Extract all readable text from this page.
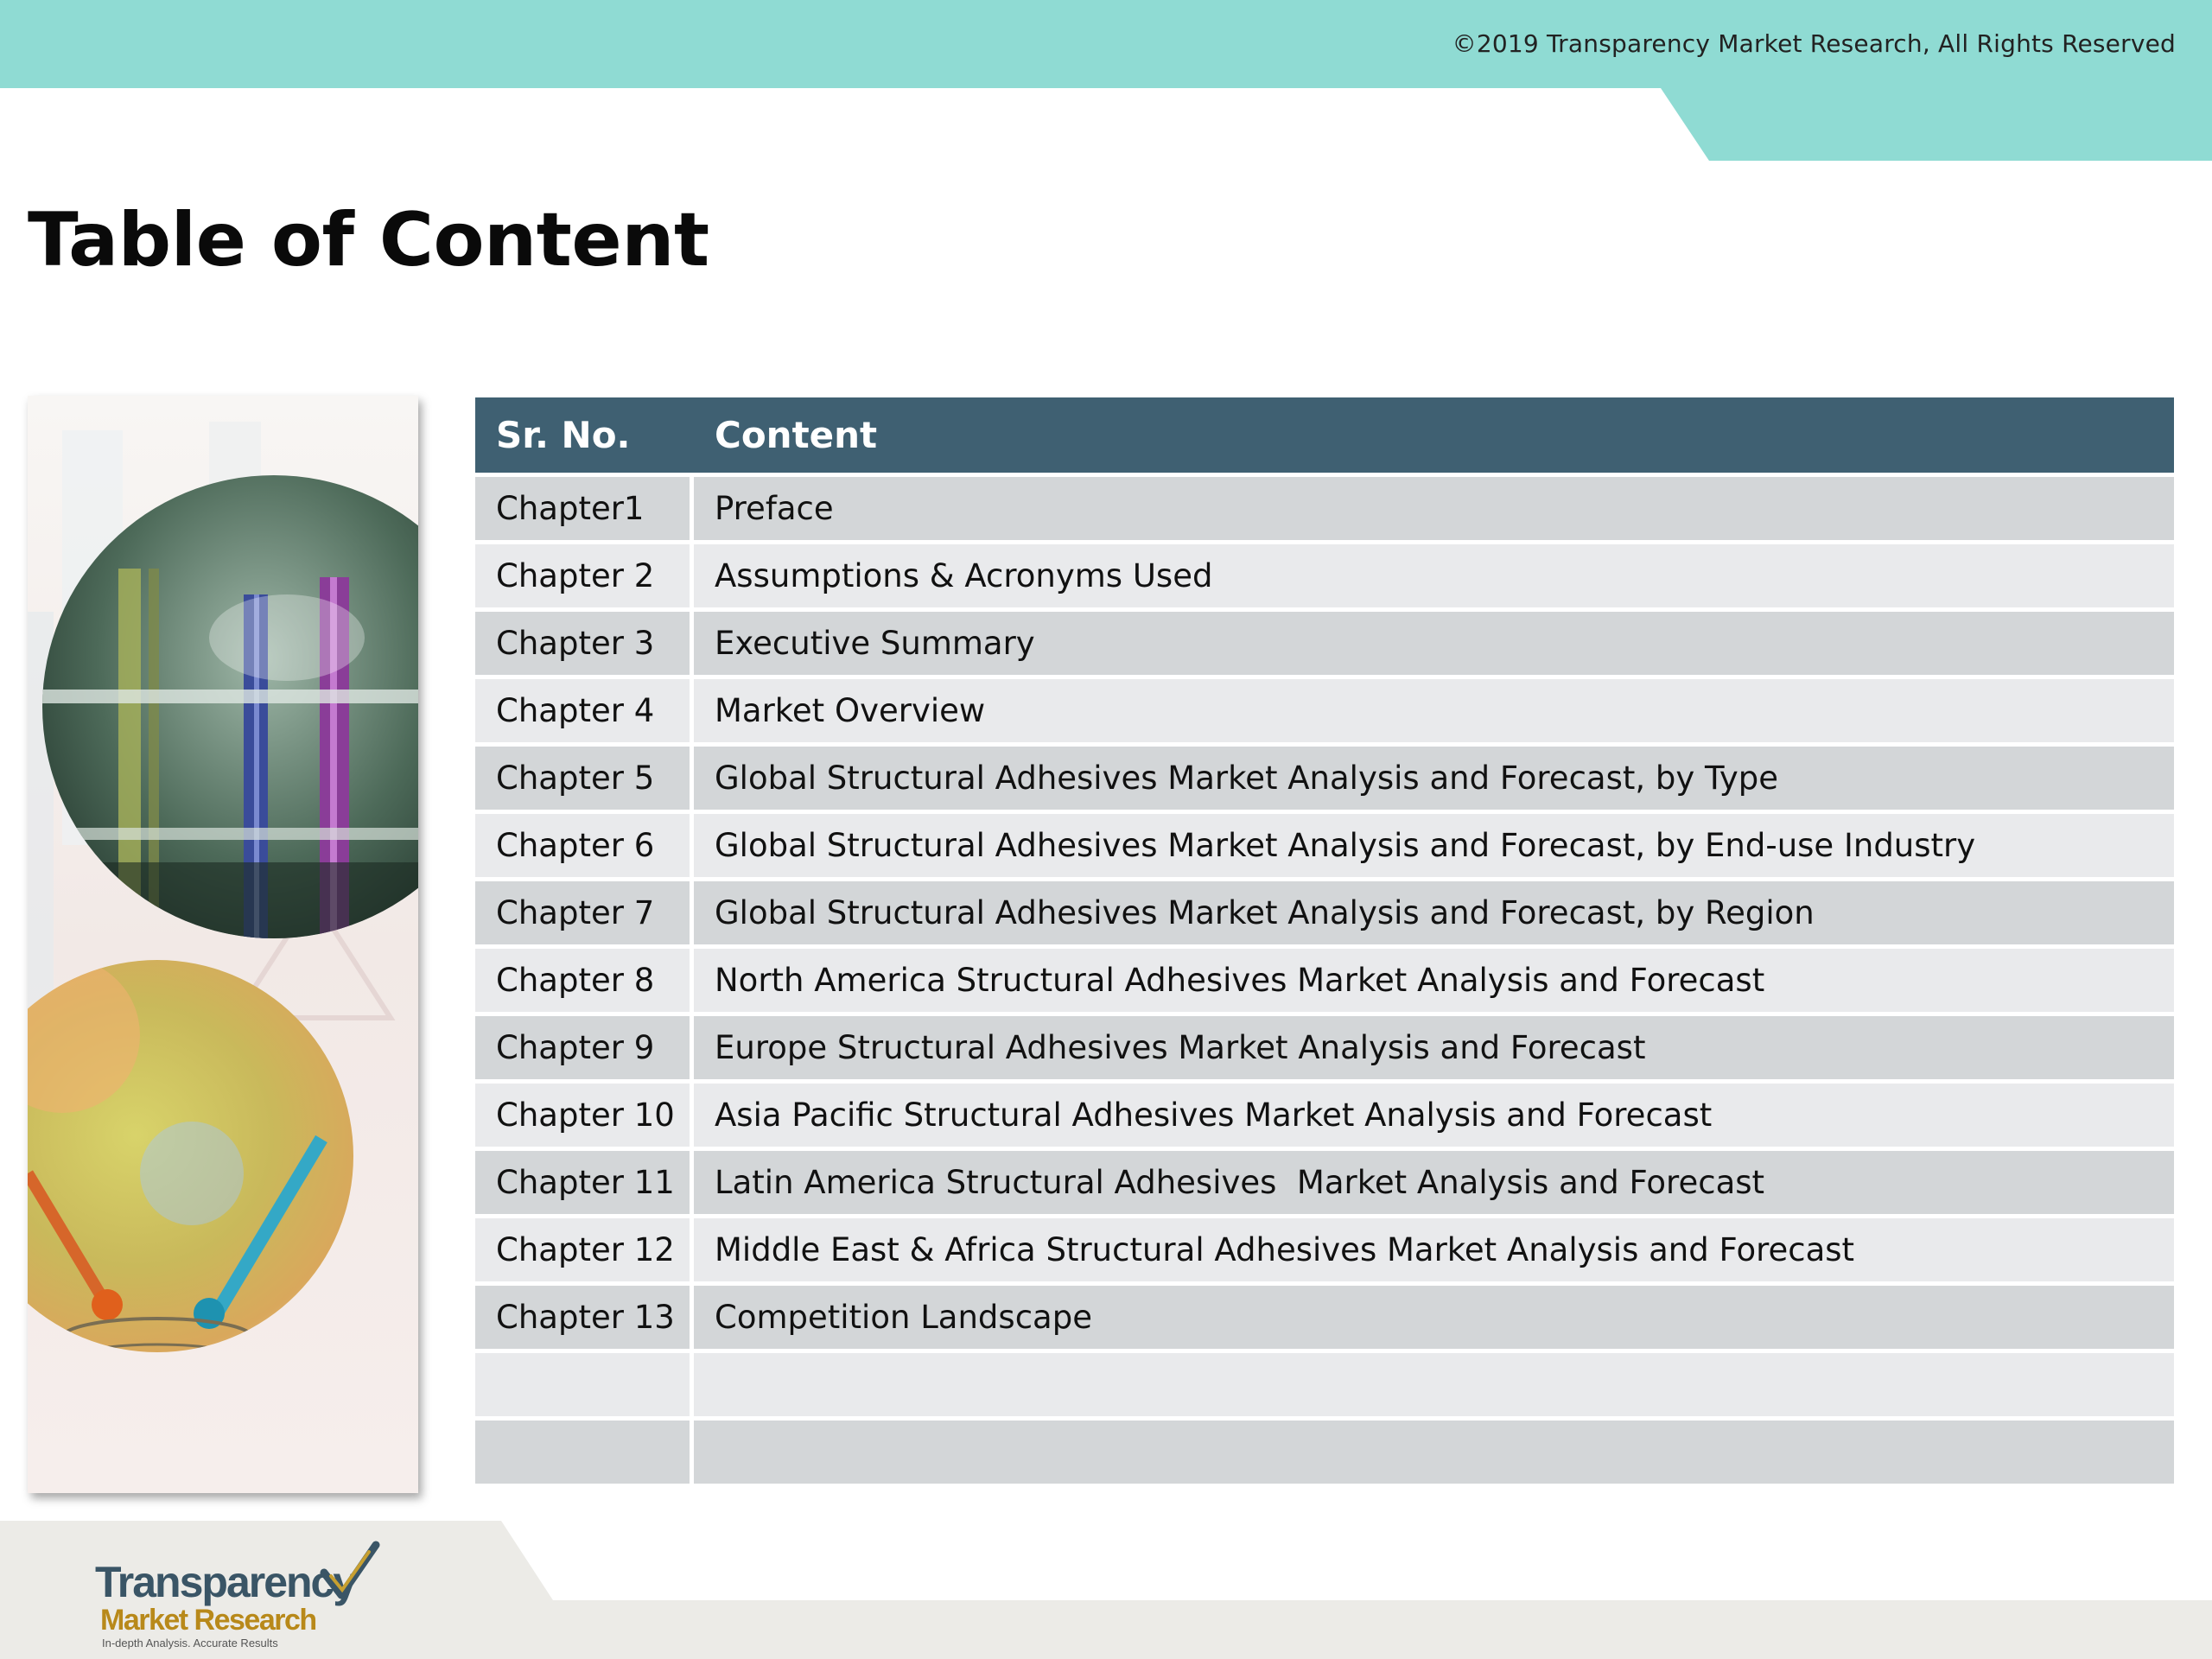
©2019 Transparency Market Research, All Rights Reserved
Table of Content
Sr. No.	Content
Chapter1	Preface
Chapter 2	Assumptions & Acronyms Used
Chapter 3	Executive Summary
Chapter 4	Market Overview
Chapter 5	Global Structural Adhesives Market Analysis and Forecast, by Type
Chapter 6	Global Structural Adhesives Market Analysis and Forecast, by End-use Industry
Chapter 7	Global Structural Adhesives Market Analysis and Forecast, by Region
Chapter 8	North America Structural Adhesives Market Analysis and Forecast
Chapter 9	Europe Structural Adhesives Market Analysis and Forecast
Chapter 10	Asia Pacific Structural Adhesives Market Analysis and Forecast
Chapter 11	Latin America Structural Adhesives  Market Analysis and Forecast
Chapter 12	Middle East & Africa Structural Adhesives Market Analysis and Forecast
Chapter 13	Competition Landscape
Transparency
Market Research
In-depth Analysis. Accurate Results
